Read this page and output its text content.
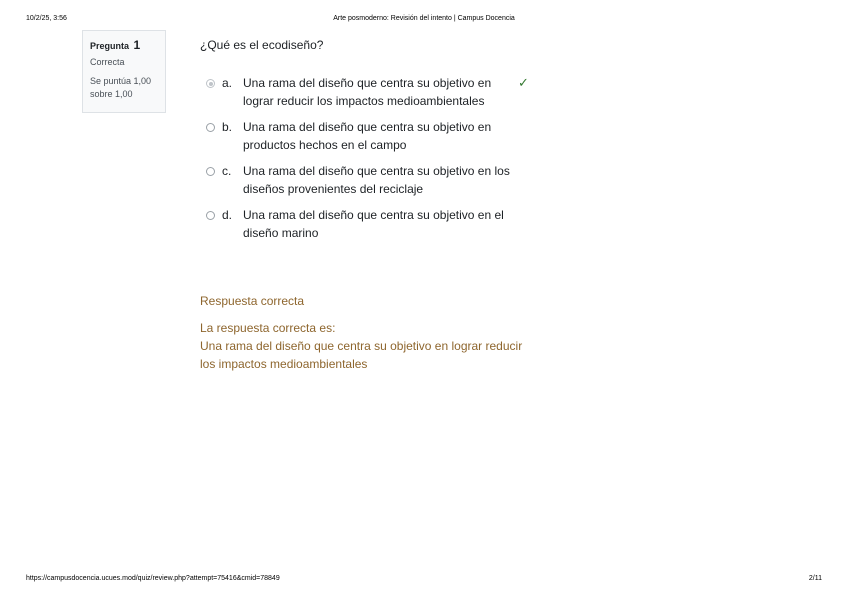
10/2/25, 3:56	Arte posmoderno: Revisión del intento | Campus Docencia
Pregunta 1
Correcta
Se puntúa 1,00 sobre 1,00

¿Qué es el ecodiseño?

a. Una rama del diseño que centra su objetivo en lograr reducir los impactos medioambientales
✓
b. Una rama del diseño que centra su objetivo en productos hechos en el campo
c. Una rama del diseño que centra su objetivo en los diseños provenientes del reciclaje
d. Una rama del diseño que centra su objetivo en el diseño marino

Respuesta correcta

La respuesta correcta es:
Una rama del diseño que centra su objetivo en lograr reducir los impactos medioambientales
https://campusdocencia.ucues.mod/quiz/review.php?attempt=75416&cmid=78849	2/11
